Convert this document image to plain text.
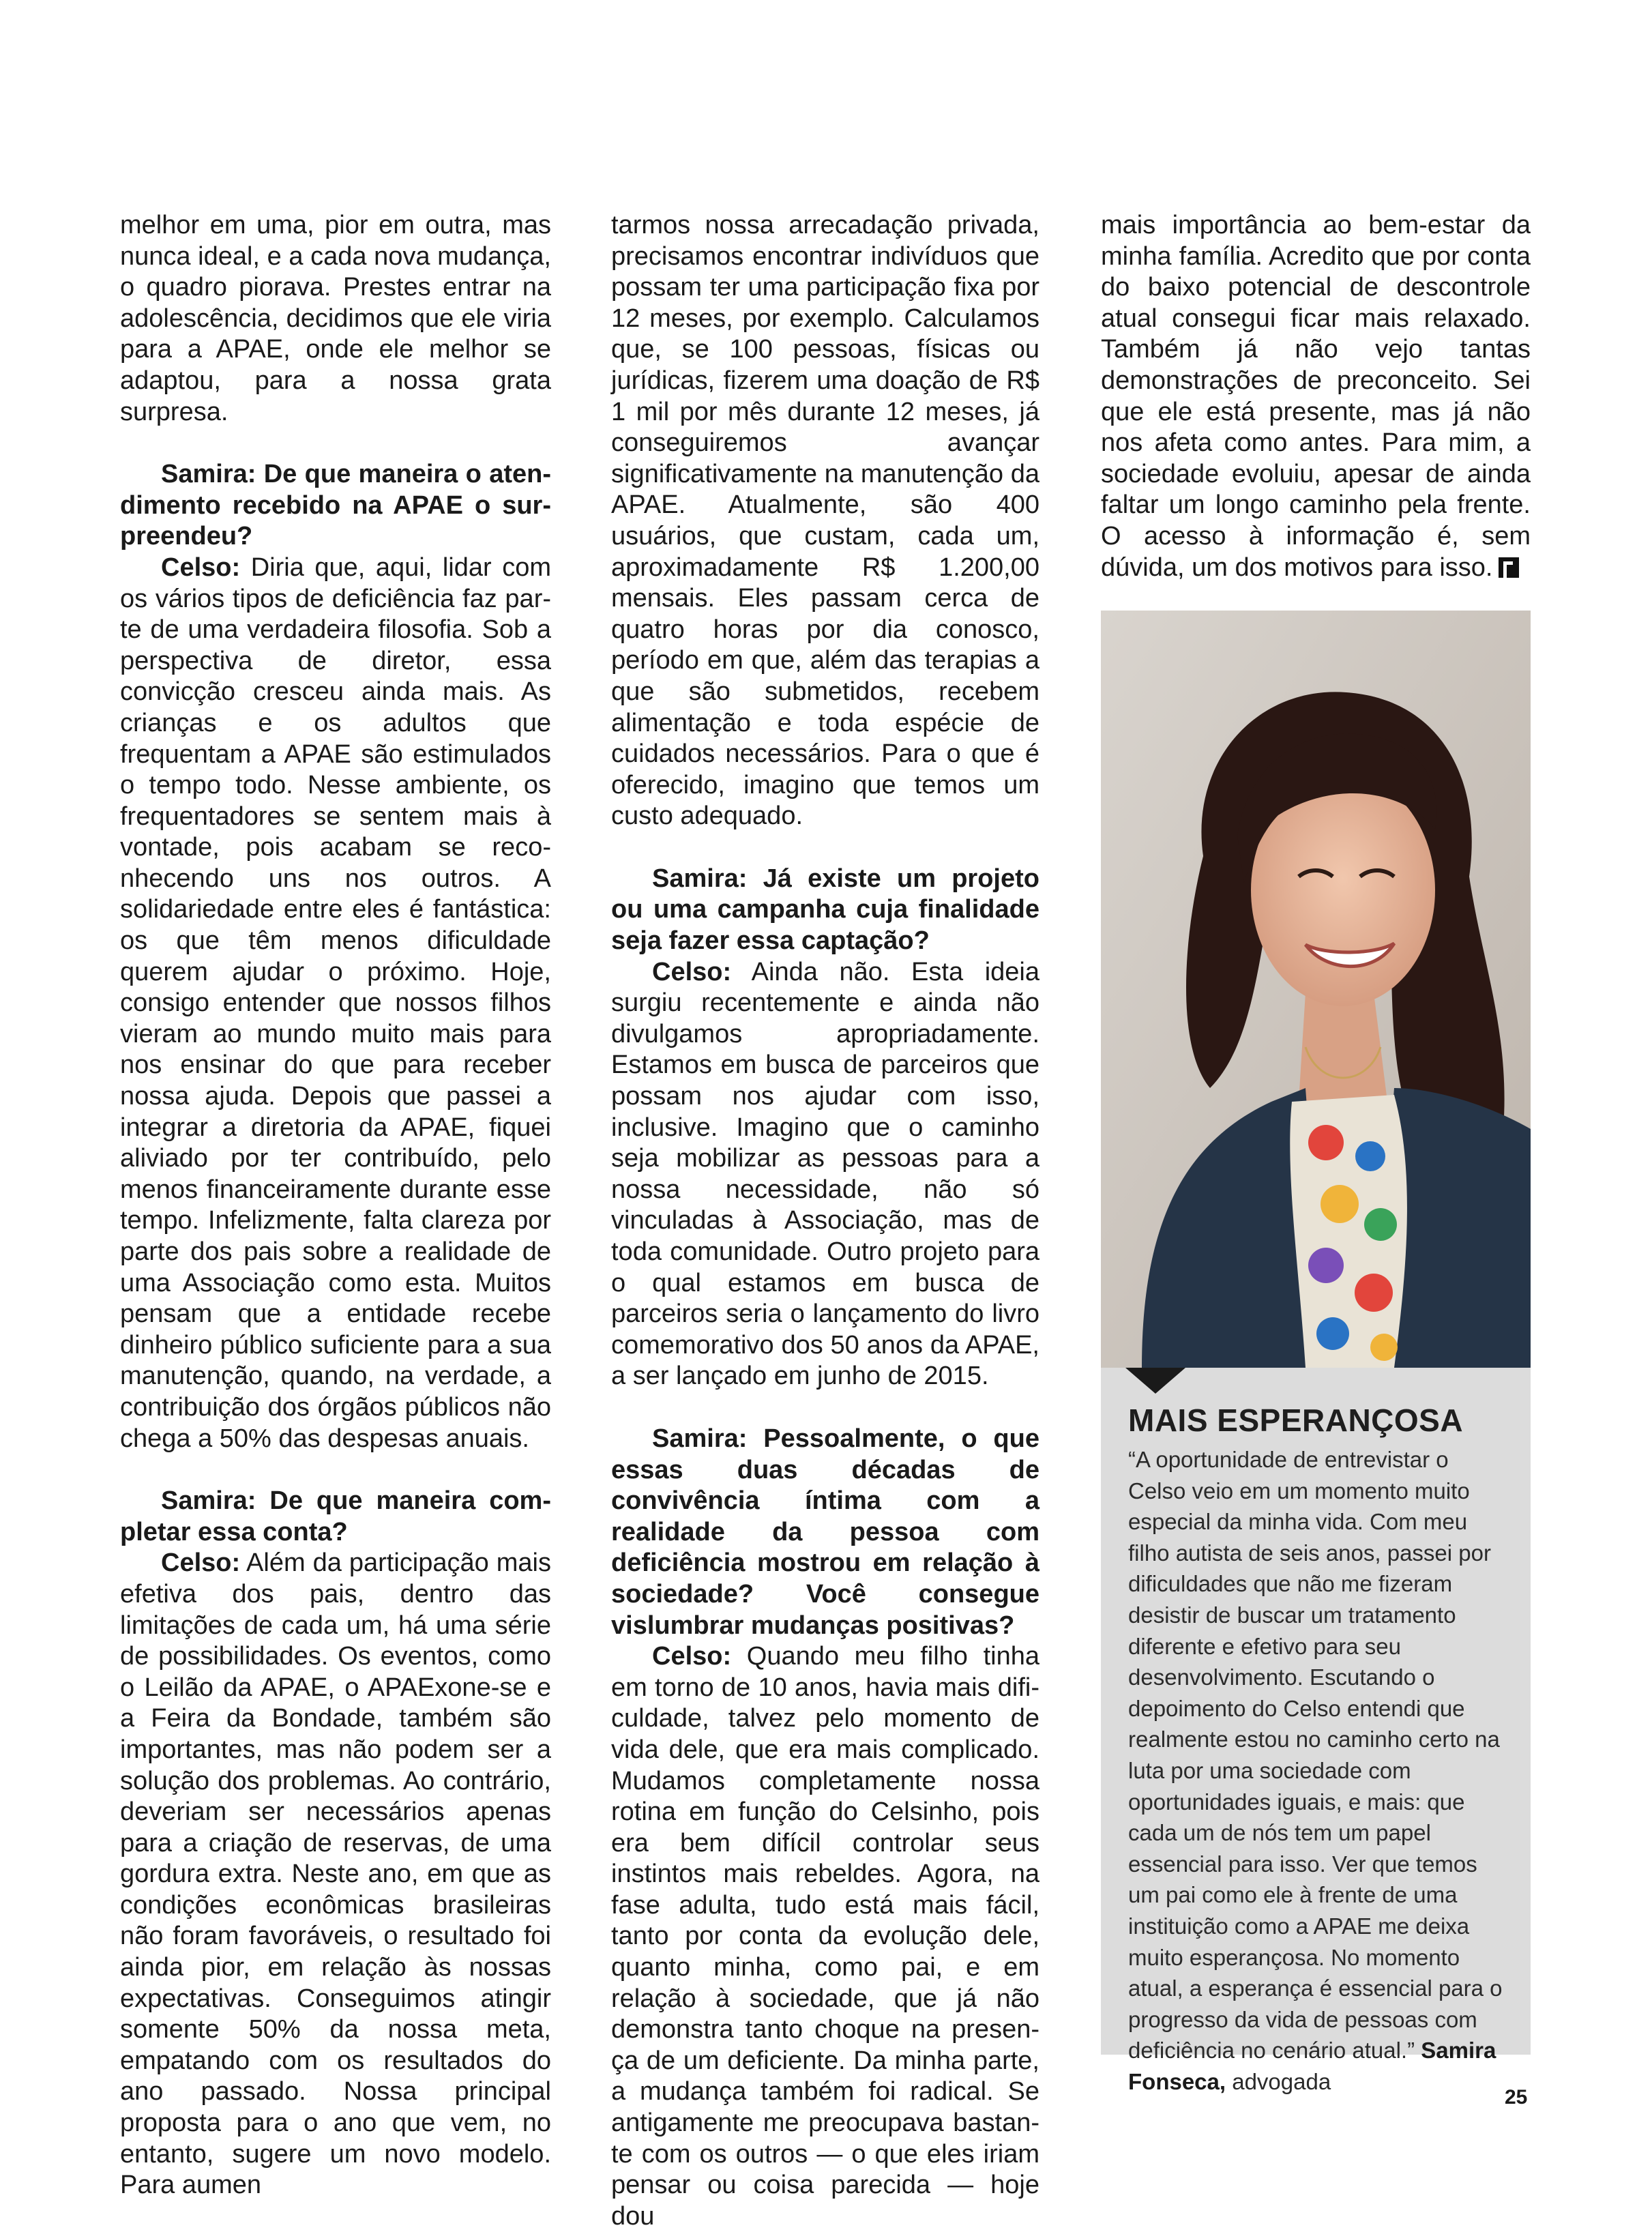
melhor em uma, pior em outra, mas nunca ideal, e a cada nova mudança, o quadro piorava. Prestes entrar na adolescência, decidimos que ele viria para a APAE, onde ele melhor se adaptou, para a nossa grata surpresa.

Samira: De que maneira o atendimento recebido na APAE o surpreendeu?

Celso: Diria que, aqui, lidar com os vários tipos de deficiência faz parte de uma verdadeira filosofia. Sob a perspectiva de diretor, essa convicção cresceu ainda mais. As crianças e os adultos que frequentam a APAE são estimulados o tempo todo. Nesse ambiente, os frequentadores se sentem mais à vontade, pois acabam se reconhecendo uns nos outros. A solidariedade entre eles é fantástica: os que têm menos dificuldade querem ajudar o próximo. Hoje, consigo entender que nossos filhos vieram ao mundo muito mais para nos ensinar do que para receber nossa ajuda. Depois que passei a integrar a diretoria da APAE, fiquei aliviado por ter contribuído, pelo menos financeiramente durante esse tempo. Infelizmente, falta clareza por parte dos pais sobre a realidade de uma Associação como esta. Muitos pensam que a entidade recebe dinheiro público suficiente para a sua manutenção, quando, na verdade, a contribuição dos órgãos públicos não chega a 50% das despesas anuais.

Samira: De que maneira completar essa conta?

Celso: Além da participação mais efetiva dos pais, dentro das limitações de cada um, há uma série de possibilidades. Os eventos, como o Leilão da APAE, o APAExone-se e a Feira da Bondade, também são importantes, mas não podem ser a solução dos problemas. Ao contrário, deveriam ser necessários apenas para a criação de reservas, de uma gordura extra. Neste ano, em que as condições econômicas brasileiras não foram favoráveis, o resultado foi ainda pior, em relação às nossas expectativas. Conseguimos atingir somente 50% da nossa meta, empatando com os resultados do ano passado. Nossa principal proposta para o ano que vem, no entanto, sugere um novo modelo. Para aumen

tarmos nossa arrecadação privada, precisamos encontrar indivíduos que possam ter uma participação fixa por 12 meses, por exemplo. Calculamos que, se 100 pessoas, físicas ou jurídicas, fizerem uma doação de R$ 1 mil por mês durante 12 meses, já conseguiremos avançar significativamente na manutenção da APAE. Atualmente, são 400 usuários, que custam, cada um, aproximadamente R$ 1.200,00 mensais. Eles passam cerca de quatro horas por dia conosco, período em que, além das terapias a que são submetidos, recebem alimentação e toda espécie de cuidados necessários. Para o que é oferecido, imagino que temos um custo adequado.

Samira: Já existe um projeto ou uma campanha cuja finalidade seja fazer essa captação?

Celso: Ainda não. Esta ideia surgiu recentemente e ainda não divulgamos apropriadamente. Estamos em busca de parceiros que possam nos ajudar com isso, inclusive. Imagino que o caminho seja mobilizar as pessoas para a nossa necessidade, não só vinculadas à Associação, mas de toda comunidade. Outro projeto para o qual estamos em busca de parceiros seria o lançamento do livro comemorativo dos 50 anos da APAE, a ser lançado em junho de 2015.

Samira: Pessoalmente, o que essas duas décadas de convivência íntima com a realidade da pessoa com deficiência mostrou em relação à sociedade? Você consegue vislumbrar mudanças positivas?

Celso: Quando meu filho tinha em torno de 10 anos, havia mais dificuldade, talvez pelo momento de vida dele, que era mais complicado. Mudamos completamente nossa rotina em função do Celsinho, pois era bem difícil controlar seus instintos mais rebeldes. Agora, na fase adulta, tudo está mais fácil, tanto por conta da evolução dele, quanto minha, como pai, e em relação à sociedade, que já não demonstra tanto choque na presença de um deficiente. Da minha parte, a mudança também foi radical. Se antigamente me preocupava bastante com os outros — o que eles iriam pensar ou coisa parecida — hoje dou

mais importância ao bem-estar da minha família. Acredito que por conta do baixo potencial de descontrole atual consegui ficar mais relaxado. Também já não vejo tantas demonstrações de preconceito. Sei que ele está presente, mas já não nos afeta como antes. Para mim, a sociedade evoluiu, apesar de ainda faltar um longo caminho pela frente. O acesso à informação é, sem dúvida, um dos motivos para isso.

MAIS ESPERANÇOSA
“A oportunidade de entrevistar o Celso veio em um momento muito especial da minha vida. Com meu filho autista de seis anos, passei por dificuldades que não me fizeram desistir de buscar um tratamento diferente e efetivo para seu desenvolvimento. Escutando o depoimento do Celso entendi que realmente estou no caminho certo na luta por uma sociedade com oportunidades iguais, e mais: que cada um de nós tem um papel essencial para isso. Ver que temos um pai como ele à frente de uma instituição como a APAE me deixa muito esperançosa. No momento atual, a esperança é essencial para o progresso da vida de pessoas com deficiência no cenário atual.” Samira Fonseca, advogada
25
